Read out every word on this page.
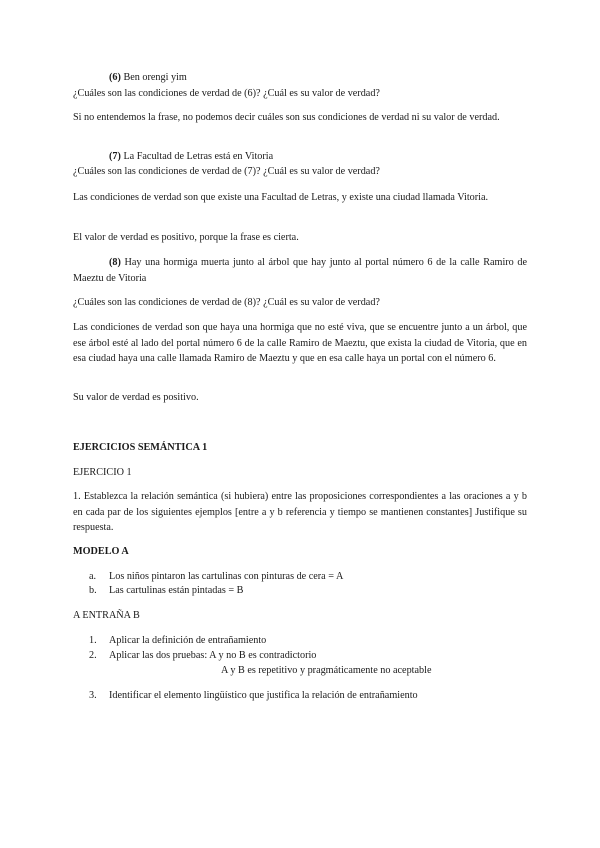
(6) Ben orengi yim
¿Cuáles son las condiciones de verdad de (6)? ¿Cuál es su valor de verdad?
Si no entendemos la frase, no podemos decir cuáles son sus condiciones de verdad ni su valor de verdad.
(7) La Facultad de Letras está en Vitoria
¿Cuáles son las condiciones de verdad de (7)? ¿Cuál es su valor de verdad?
Las condiciones de verdad son que existe una Facultad de Letras, y existe una ciudad llamada Vitoria.
El valor de verdad es positivo, porque la frase es cierta.
(8) Hay una hormiga muerta junto al árbol que hay junto al portal número 6 de la calle Ramiro de Maeztu de Vitoria
¿Cuáles son las condiciones de verdad de (8)? ¿Cuál es su valor de verdad?
Las condiciones de verdad son que haya una hormiga que no esté viva, que se encuentre junto a un árbol, que ese árbol esté al lado del portal número 6 de la calle Ramiro de Maeztu, que exista la ciudad de Vitoria, que en esa ciudad haya una calle llamada Ramiro de Maeztu y que en esa calle haya un portal con el número 6.
Su valor de verdad es positivo.
EJERCICIOS SEMÁNTICA 1
EJERCICIO 1
1. Establezca la relación semántica (si hubiera) entre las proposiciones correspondientes a las oraciones a y b en cada par de los siguientes ejemplos [entre a y b referencia y tiempo se mantienen constantes] Justifique su respuesta.
MODELO A
a. Los niños pintaron las cartulinas con pinturas de cera = A
b. Las cartulinas están pintadas = B
A ENTRAÑA B
1. Aplicar la definición de entrañamiento
2. Aplicar las dos pruebas: A y no B es contradictorio
A y B es repetitivo y pragmáticamente no aceptable
3. Identificar el elemento lingüístico que justifica la relación de entrañamiento
